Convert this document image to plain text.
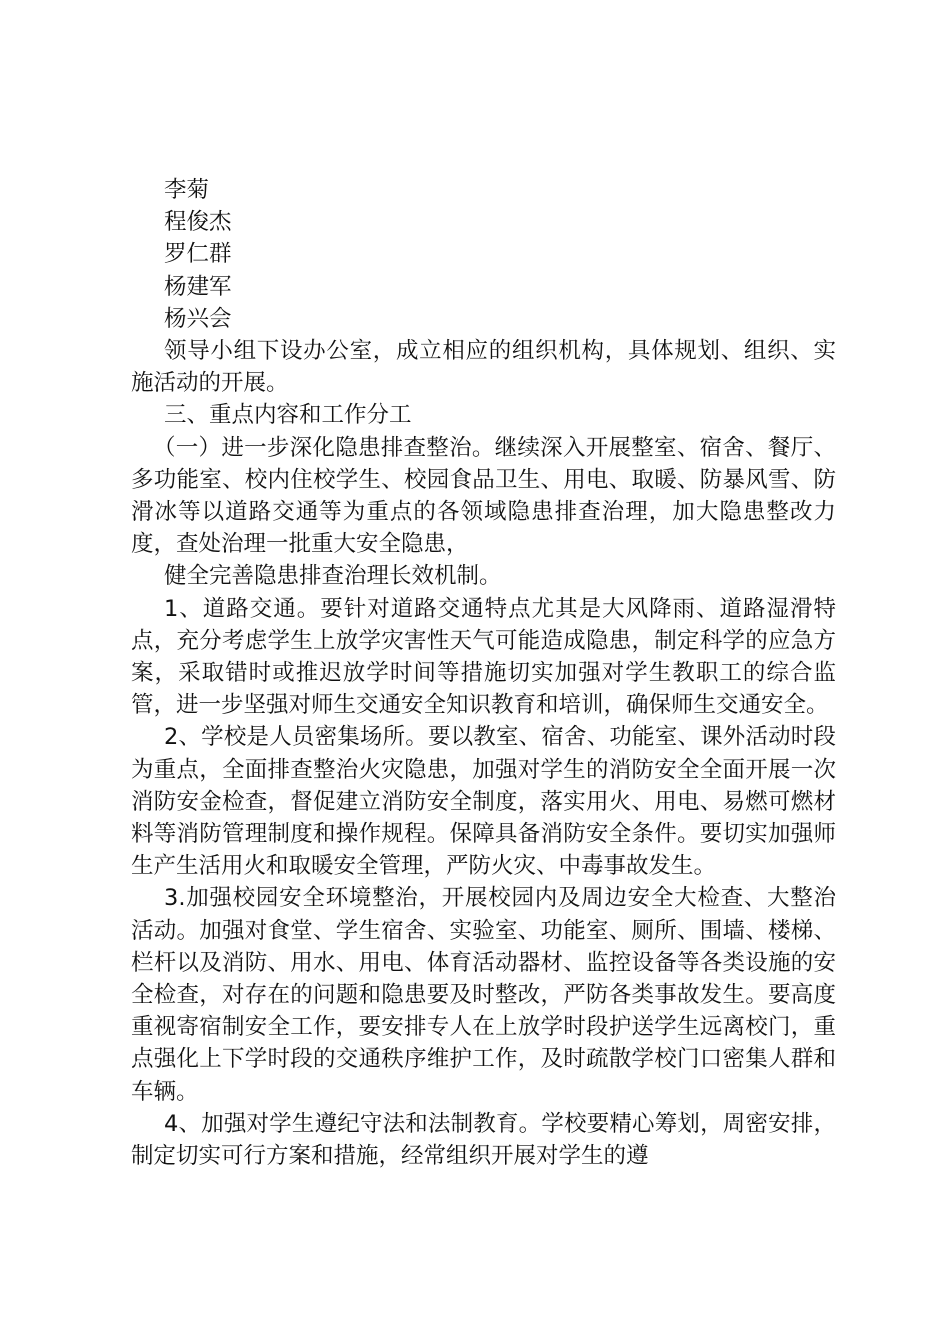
李菊

程俊杰

罗仁群

杨建军

杨兴会

领导小组下设办公室，成立相应的组织机构，具体规划、组织、实施活动的开展。

三、重点内容和工作分工

（一）进一步深化隐患排查整治。继续深入开展整室、宿舍、餐厅、多功能室、校内住校学生、校园食品卫生、用电、取暖、防暴风雪、防滑冰等以道路交通等为重点的各领域隐患排查治理，加大隐患整改力度，查处治理一批重大安全隐患，

健全完善隐患排查治理长效机制。

1、道路交通。要针对道路交通特点尤其是大风降雨、道路湿滑特点，充分考虑学生上放学灾害性天气可能造成隐患，制定科学的应急方案，采取错时或推迟放学时间等措施切实加强对学生教职工的综合监管，进一步坚强对师生交通安全知识教育和培训，确保师生交通安全。

2、学校是人员密集场所。要以教室、宿舍、功能室、课外活动时段为重点，全面排查整治火灾隐患，加强对学生的消防安全全面开展一次消防安金检查，督促建立消防安全制度，落实用火、用电、易燃可燃材料等消防管理制度和操作规程。保障具备消防安全条件。要切实加强师生产生活用火和取暖安全管理，严防火灾、中毒事故发生。

3.加强校园安全环境整治，开展校园内及周边安全大检查、大整治活动。加强对食堂、学生宿舍、实验室、功能室、厕所、围墙、楼梯、栏杆以及消防、用水、用电、体育活动器材、监控设备等各类设施的安全检查，对存在的问题和隐患要及时整改，严防各类事故发生。要高度重视寄宿制安全工作，要安排专人在上放学时段护送学生远离校门，重点强化上下学时段的交通秩序维护工作，及时疏散学校门口密集人群和车辆。

4、加强对学生遵纪守法和法制教育。学校要精心筹划，周密安排，制定切实可行方案和措施，经常组织开展对学生的遵
